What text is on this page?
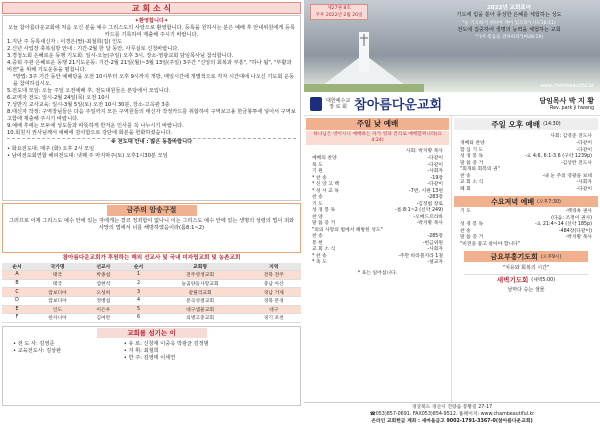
교 회 소 식
✦환영합니다✦
오늘 참아름다운교회에 처음 오신 분을 예수 그리스도의 사랑으로 환영합니다. 등록을 원하시는 분은 예배 후 안내위원에게 등록카드를 기록하여 제출해 주시기 바랍니다.
1.지난 주 등록새신자 : 이경은(딸)-최철희(집) 인도
2.신년 사업장 축복심방 안내 : 기간-2월 한 달 동안, 사무실로 신청바랍니다.
3.경청노회 은혜로운 동행 기도회: 일시-오늘(주일) 오후 3시, 장소-영광교회 담임목사님 참석합니다.
4.중퇴 주관 은혜로운 동행 21기도운동: 기간-2월 21일(월)~3월 13일(주일) 3주간 "신앙의 회복과 부흥", "하나 됨", "부활과 비전"을 위해 기도운동을 펼칩니다.
*방법: 3주 기간 동안 예배당을 오전 10시부터 오후 9시까지 개방, 매일시간에 개별적으로 각자 시간대에 나오신 기도회 운동을 참여하십시오.
5.전도대 모임: 오늘 주일 오전예배 후, 전도대원들은 본당에서 모입니다.
6.교역자 전도: 일시-2월 24일(목) 오전 10시
7.성반기 교사교육: 일시-3월 5일(토) 오전 10시 30분, 장소-고옥관 3층
8.태신자 작정: 구역장님들은 다음 주일까지 모든 구역원들의 태신자 작정카드를 취합하여 구역보고용 한금봉투에 넣어서 구역보고함에 제출해 주시기 바랍니다.
9.예배 후에는 모두에 성도들과 따뜻하게 반겨운 인사를 꼭 나누시기 바랍니다.
10.회원지 권사님께서 예배에 감사함으로 강단에 화분을 헌화하셨습니다.
※ 전도대 안내 : 많은 동참바랍니다
• 화요전도대: 매주 (화) 오후 2시 모임
• 남여전도회연합 해피전도대: 넷째 주 마지막주(토) 오후1시30분 모임
금주의 암송구절
그러므로 이제 그리스도 예수 안에 있는 자에게는 결코 정죄함이 없나니 이는 그리스도 예수 안에 있는 생명의 성령의 법이 죄와 사망의 법에서 너를 해방하였음이라(롬8:1~2)
참아름다운교회가 후원하는 해외 선교사 및 국내 미자립교회 및 농촌교회
순서	국가명	선교사	순서	교회명	지역
A	태국	박종섭	1	전주영생교회	전북 전주
B	태국	염현석	2	늘곰양들사랑교회	충남 아산
C	캄보디아	오성희	3	갈릴리교회	경남 거제
D	캄보디아	정병섭	4	문곡성결교회	경북 문경
E	인도	이은우	5	대구샘물교회	대구
F	한자니아	김여란	6	의병고충교회	경기 포천
교회를 섬기는 이
• 전 도 사: 김영준
• 교육전도사: 김상완
• 유 로: 신창재 이중옥 박광균 김정범
• 지 휘: 최철희
• 반 주: 김영태 이세연
제27권 8호
주후 2022년 2월 20일
2022년 교회표어
기도에 힘을 쏟아 풍성한 은혜를 체험하는 성도
"늘 기도하기 위하여 깨어 있으라"(사도16:11)
전도에 집중하여 생명의 능력을 체험하는 교회
"가서 복음을 전파하라"(마28:19)
www.chambeautiful.kr
대한예수교
장 로 회 참아름다운교회	담임목사 박 지 황
Rev. park ji hwang
주일 낮 예배
하나님은 영이시니 예배하는 자가 영과 진리로 예배할찌니라(요4:24)
사회: 박지황 목사
예배의 찬양	-다같이
묵 도	-다같이
기 원	-사회자
* 찬 송	-19장
* 신 앙 고 백	-다같이
* 성 시 교 독	-7번, 시편 13편
찬 송	-283장
기 도	-김정범 장로
성 경 봉 독	-롬 8:1~2 (신약 249)
찬 양	-오메드르라바
말 씀 증 거	-박지황 목사
"의의 사랑의 법에서 해방된 성도"
찬 송	-285장
봉 헌	-헌금위원
교 회 소 식	-사회자
* 찬 송	-주만 바라볼지라 1절
* 축 도	-설교자
* 표는 일어섭니다.
주일 오후 예배 (14:30)
사회: 김영준 전도사
경배와 찬양	-다같이
합 심 기 도	-다같이
성 경 봉 독	-요 4:6, 6:1-3.6 (구약 1239p)
말 씀 증 거	-김상완 전도사
"회개와 회복의 권"
찬 송	-내 눈 주의 영광을 보네
교 회 소 식	-사회자
폐 회	-다같이
수요저녁 예배 (오후7:30)
기 도	-백경옥 권사
(다음: 조정이 권사)
성 경 봉 독	-요 21:4~14 (신약 185p)
찬 송	-484장(다같이)
말 씀 증 거	-박지황 목사
"비전을 품고 살아야 합니다"
금요부흥기도회 (오후9시)
"치유와 회복의 시간"
새벽기도회 (새벽5:00)
날마다 승는 샘물
경상북도 경산시 진량읍 봉황길 27-17
☎053)857-0691. FAX053)854-9512. 홈페이지: www.chambeautiful.kr
온라인 교회헌금 계좌 : 새마을금고 9002-1791-3367-0(참아름다운교회)
